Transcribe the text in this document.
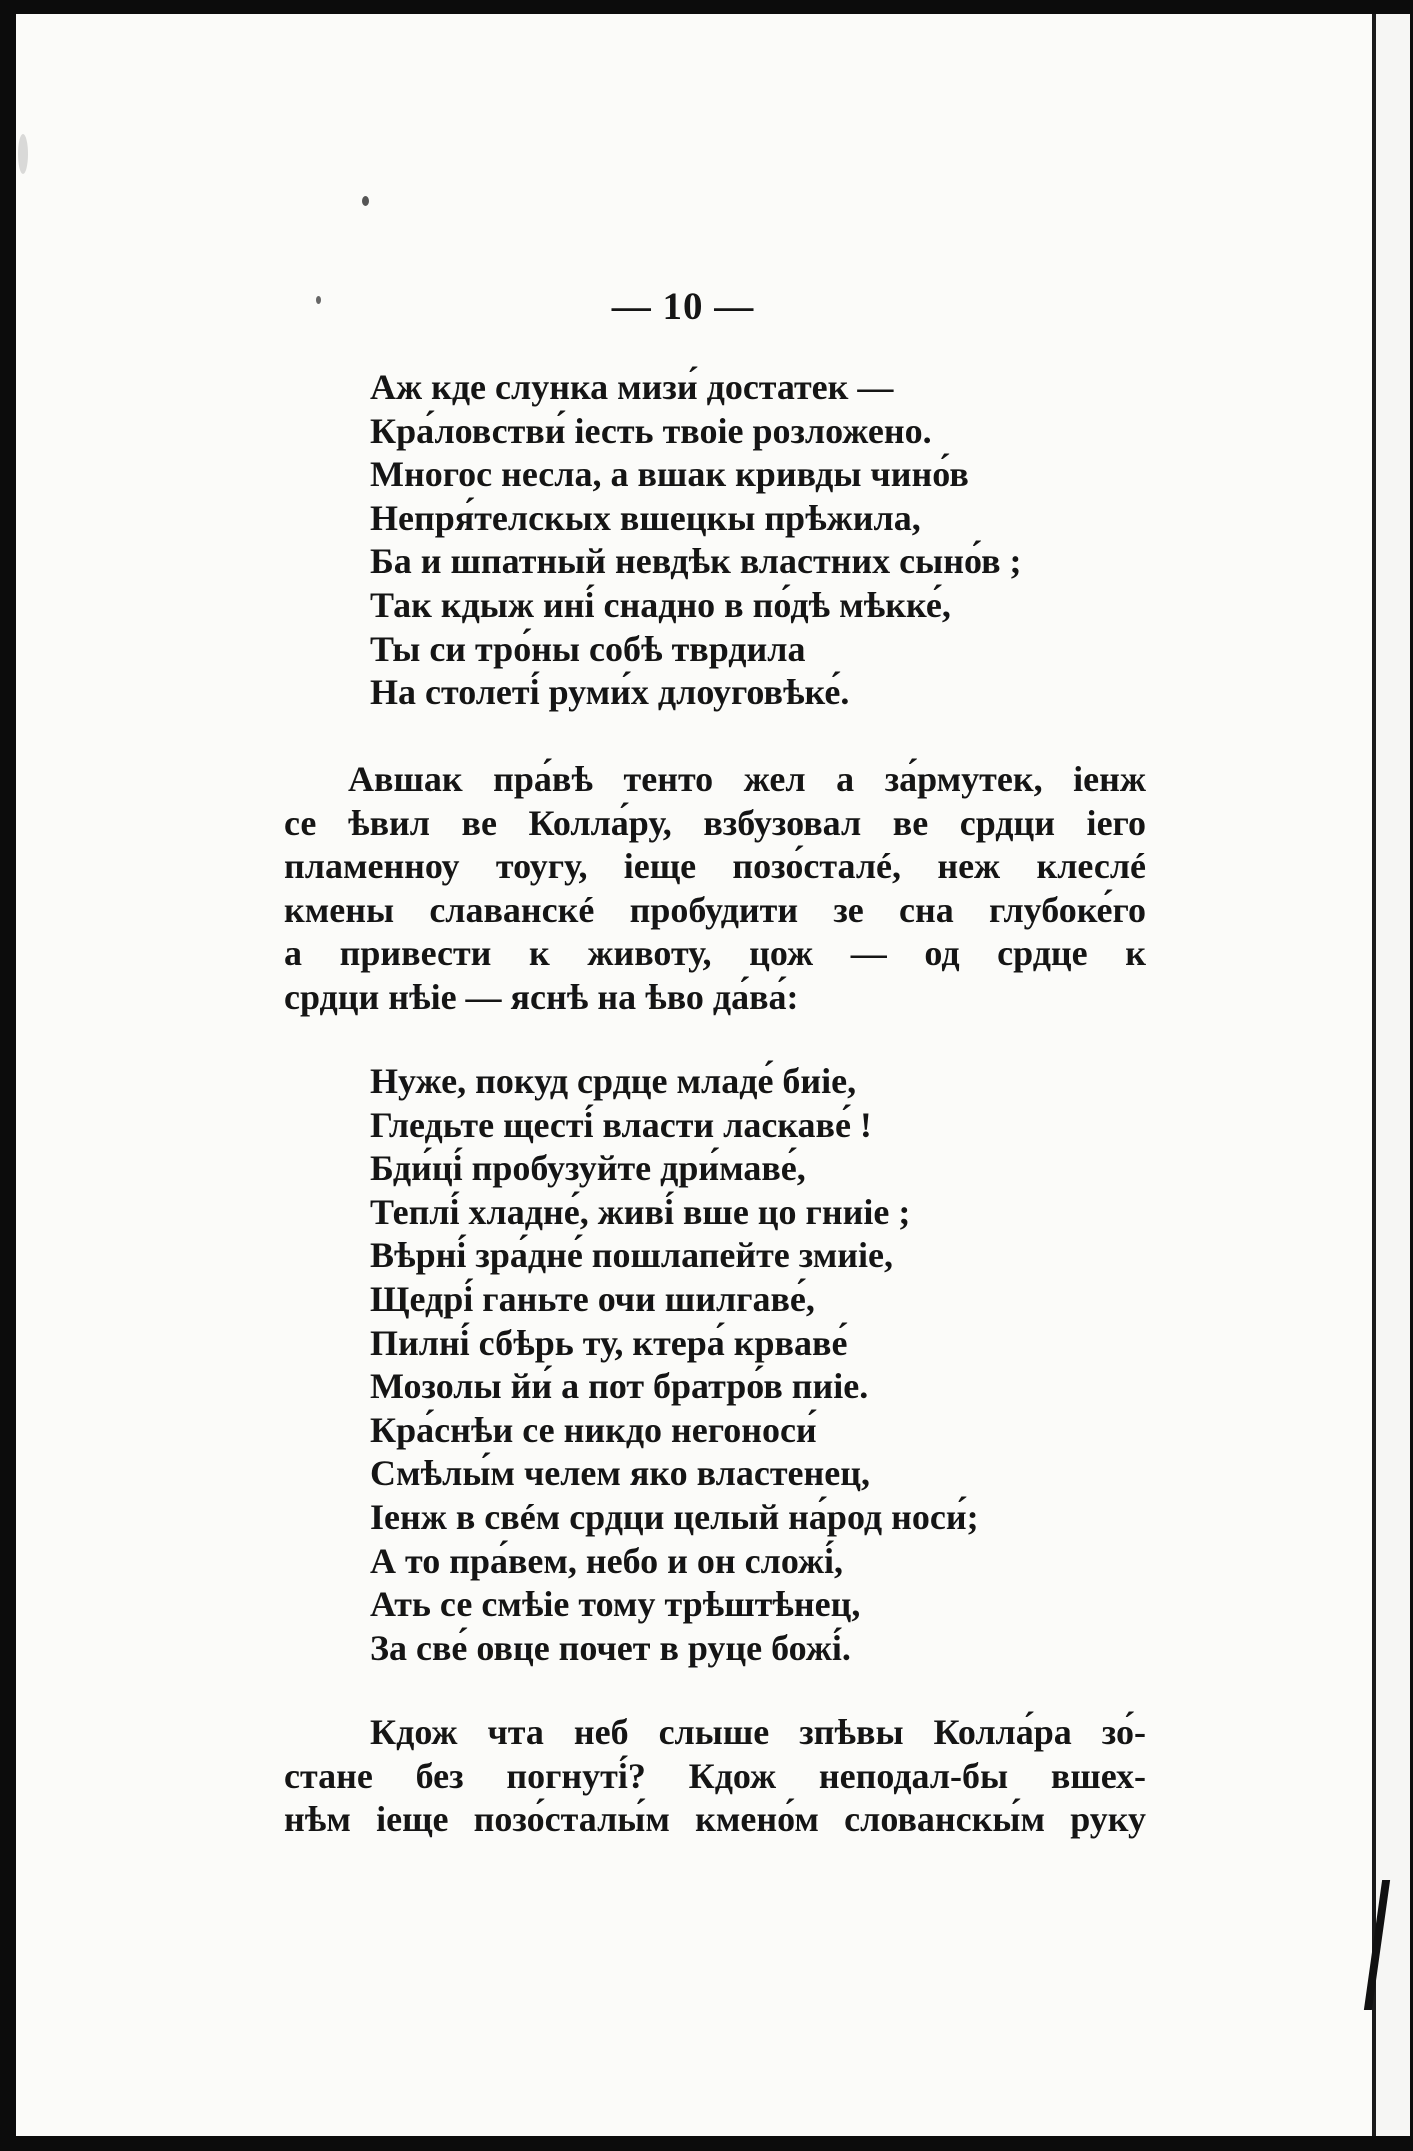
— 10 —
Аж кде слунка мизи́ достатек —
Кра́ловстви́ іесть твоіе розложено.
Многос несла, а вшак кривды чино́в
Непря́телскых вшецкы прѣжила,
Ба и шпатный невдѣк властних сыно́в ;
Так кдыж ині́ снадно в по́дѣ мѣкке́,
Ты си тро́ны собѣ тврдила
На столеті́ руми́х длоуговѣке́.
Авшак пра́вѣ тенто жел а за́рмутек, іенж
се ѣвил ве Колла́ру, взбузовал ве срдци іего
пламенноу тоугу, іеще позо́сталé, неж клеслé
кмены славанскé пробудити зе сна глубоке́го
а привести к животу, цож — од срдце к
срдци нѣіе — яснѣ на ѣво да́ва́:
Нуже, покуд срдце младе́ биіе,
Гледьте щесті́ власти ласкаве́ !
Бди́ці́ пробузуйте дри́маве́,
Теплі́ хладне́, живі́ вше цо гниіе ;
Вѣрні́ зра́дне́ пошлапейте змиіе,
Щедрі́ ганьте очи шилгаве́,
Пилні́ сбѣрь ту, ктера́ крваве́
Мозолы йи́ а пот братро́в пиіе.
Кра́снѣи се никдо негоноси́
Смѣлы́м челем яко властенец,
Іенж в свéм срдци целый на́род носи́;
А то пра́вем, небо и он сложі́,
Ать се смѣіе тому трѣштѣнец,
За све́ овце почет в руце божі́.
Кдож чта неб слыше зпѣвы Колла́ра зо́-
стане без погнуті́? Кдож неподал-бы вшех-
нѣм іеще позо́сталы́м кмено́м слованскы́м руку
